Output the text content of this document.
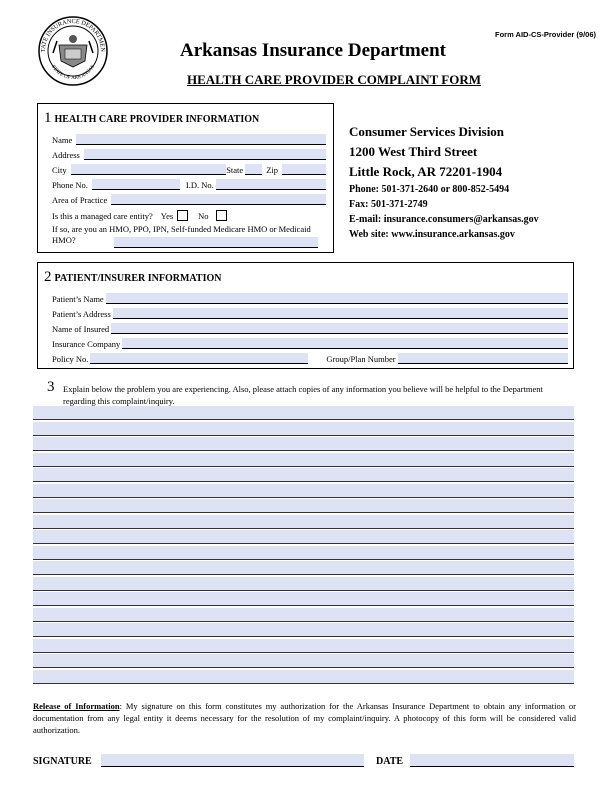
Form AID-CS-Provider (9/06)
TATE INSURANCE DEPARTMEN
STATE OF ARKANSAS
Arkansas Insurance Department
HEALTH CARE PROVIDER COMPLAINT FORM
1 HEALTH CARE PROVIDER INFORMATION
Name
Address
City	State	Zip
Phone No.	I.D. No.
Area of Practice
Is this a managed care entity? Yes	No
If so, are you an HMO, PPO, IPN, Self-funded Medicare HMO or Medicaid HMO?
Consumer Services Division
1200 West Third Street
Little Rock, AR 72201-1904
Phone: 501-371-2640 or 800-852-5494
Fax: 501-371-2749
E-mail: insurance.consumers@arkansas.gov
Web site: www.insurance.arkansas.gov
2 PATIENT/INSURER INFORMATION
Patient’s Name
Patient’s Address
Name of Insured
Insurance Company
Policy No.	Group/Plan Number
3 Explain below the problem you are experiencing. Also, please attach copies of any information you believe will be helpful to the Department regarding this complaint/inquiry.
Release of Information: My signature on this form constitutes my authorization for the Arkansas Insurance Department to obtain any information or documentation from any legal entity it deems necessary for the resolution of my complaint/inquiry. A photocopy of this form will be considered valid authorization.
SIGNATURE	DATE
